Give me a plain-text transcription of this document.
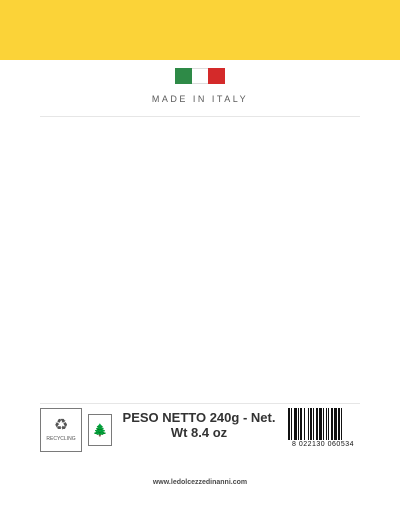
MADE IN ITALY
♻
RECYCLING
🌲
PESO NETTO 240g - Net. Wt 8.4 oz
8 022130 060534
www.ledolcezzedinanni.com
